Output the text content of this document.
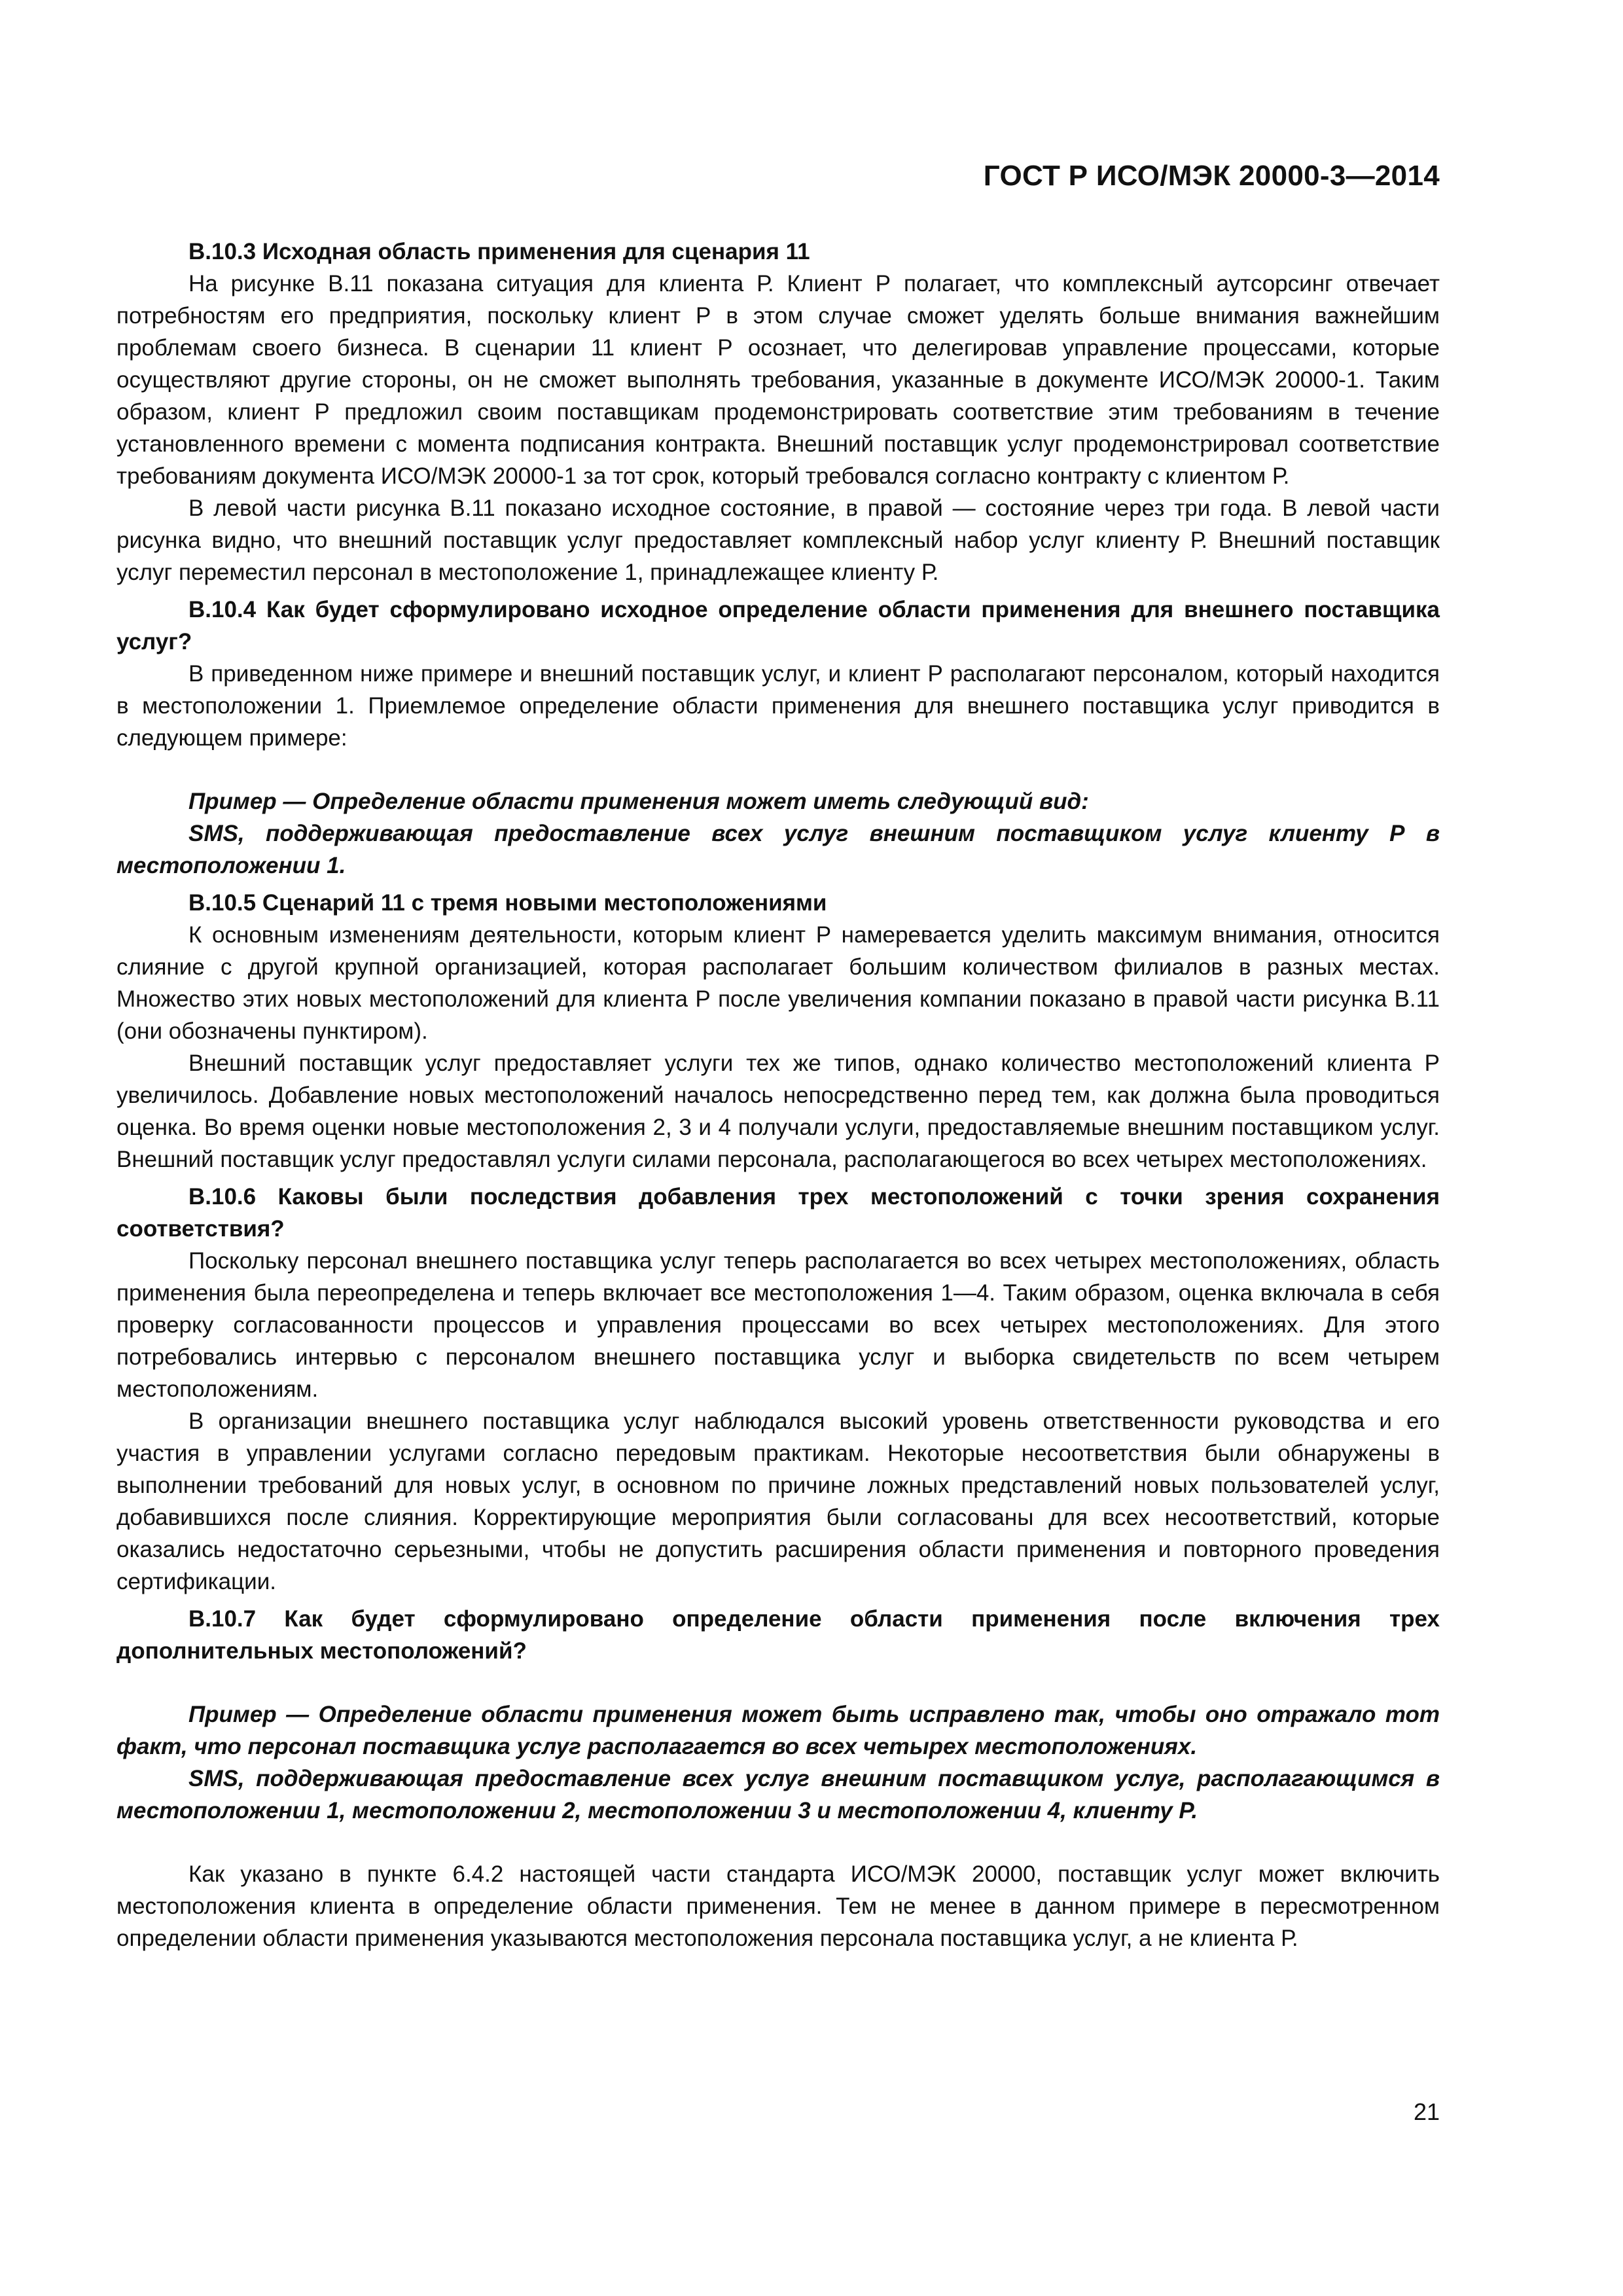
ГОСТ Р ИСО/МЭК 20000-3—2014

B.10.3 Исходная область применения для сценария 11

На рисунке В.11 показана ситуация для клиента Р. Клиент Р полагает, что комплексный аутсорсинг отвечает потребностям его предприятия, поскольку клиент Р в этом случае сможет уделять больше внимания важнейшим проблемам своего бизнеса. В сценарии 11 клиент Р осознает, что делегировав управление процессами, которые осуществляют другие стороны, он не сможет выполнять требования, указанные в документе ИСО/МЭК 20000-1. Таким образом, клиент Р предложил своим поставщикам продемонстрировать соответствие этим требованиям в течение установленного времени с момента подписания контракта. Внешний поставщик услуг продемонстрировал соответствие требованиям документа ИСО/МЭК 20000-1 за тот срок, который требовался согласно контракту с клиентом Р.

В левой части рисунка В.11 показано исходное состояние, в правой — состояние через три года. В левой части рисунка видно, что внешний поставщик услуг предоставляет комплексный набор услуг клиенту Р. Внешний поставщик услуг переместил персонал в местоположение 1, принадлежащее клиенту Р.

B.10.4 Как будет сформулировано исходное определение области применения для внешнего поставщика услуг?

В приведенном ниже примере и внешний поставщик услуг, и клиент Р располагают персоналом, который находится в местоположении 1. Приемлемое определение области применения для внешнего поставщика услуг приводится в следующем примере:

Пример — Определение области применения может иметь следующий вид:

SMS, поддерживающая предоставление всех услуг внешним поставщиком услуг клиенту Р в местоположении 1.

B.10.5 Сценарий 11 с тремя новыми местоположениями

К основным изменениям деятельности, которым клиент Р намеревается уделить максимум внимания, относится слияние с другой крупной организацией, которая располагает большим количеством филиалов в разных местах. Множество этих новых местоположений для клиента Р после увеличения компании показано в правой части рисунка В.11 (они обозначены пунктиром).

Внешний поставщик услуг предоставляет услуги тех же типов, однако количество местоположений клиента Р увеличилось. Добавление новых местоположений началось непосредственно перед тем, как должна была проводиться оценка. Во время оценки новые местоположения 2, 3 и 4 получали услуги, предоставляемые внешним поставщиком услуг. Внешний поставщик услуг предоставлял услуги силами персонала, располагающегося во всех четырех местоположениях.

B.10.6 Каковы были последствия добавления трех местоположений с точки зрения сохранения соответствия?

Поскольку персонал внешнего поставщика услуг теперь располагается во всех четырех местоположениях, область применения была переопределена и теперь включает все местоположения 1—4. Таким образом, оценка включала в себя проверку согласованности процессов и управления процессами во всех четырех местоположениях. Для этого потребовались интервью с персоналом внешнего поставщика услуг и выборка свидетельств по всем четырем местоположениям.

В организации внешнего поставщика услуг наблюдался высокий уровень ответственности руководства и его участия в управлении услугами согласно передовым практикам. Некоторые несоответствия были обнаружены в выполнении требований для новых услуг, в основном по причине ложных представлений новых пользователей услуг, добавившихся после слияния. Корректирующие мероприятия были согласованы для всех несоответствий, которые оказались недостаточно серьезными, чтобы не допустить расширения области применения и повторного проведения сертификации.

B.10.7 Как будет сформулировано определение области применения после включения трех дополнительных местоположений?

Пример — Определение области применения может быть исправлено так, чтобы оно отражало тот факт, что персонал поставщика услуг располагается во всех четырех местоположениях.

SMS, поддерживающая предоставление всех услуг внешним поставщиком услуг, располагающимся в местоположении 1, местоположении 2, местоположении 3 и местоположении 4, клиенту Р.

Как указано в пункте 6.4.2 настоящей части стандарта ИСО/МЭК 20000, поставщик услуг может включить местоположения клиента в определение области применения. Тем не менее в данном примере в пересмотренном определении области применения указываются местоположения персонала поставщика услуг, а не клиента Р.

21
